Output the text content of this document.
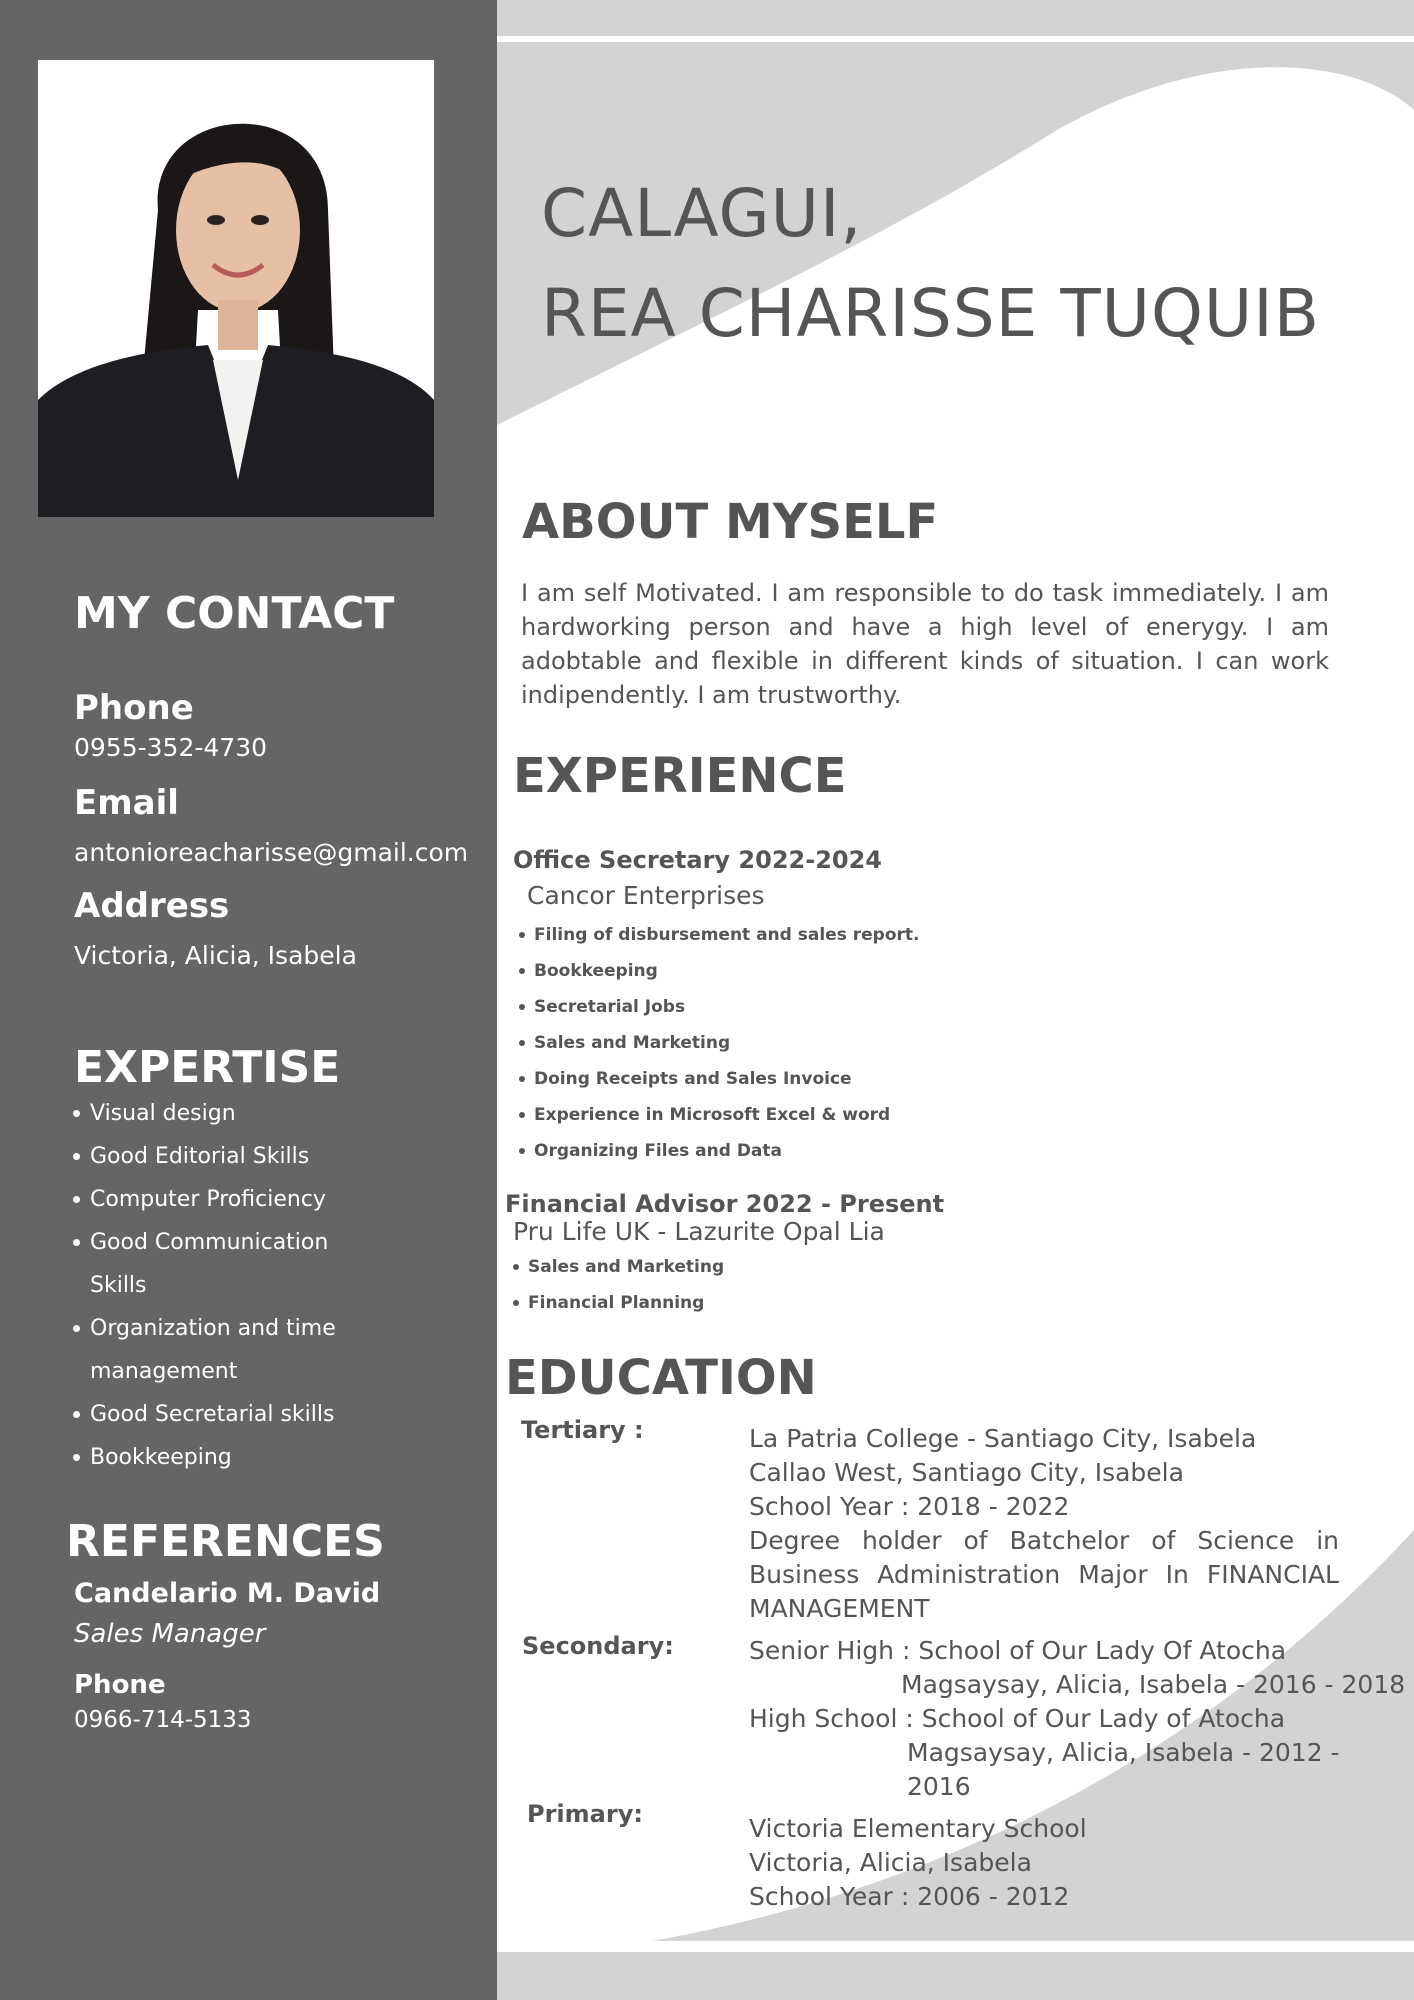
MY CONTACT
Phone
0955-352-4730
Email
antonioreacharisse@gmail.com
Address
Victoria, Alicia, Isabela
EXPERTISE
Visual design
Good Editorial Skills
Computer Proficiency
Good Communication
Skills
Organization and time
management
Good Secretarial skills
Bookkeeping
REFERENCES
Candelario M. David
Sales Manager
Phone
0966-714-5133
CALAGUI,
REA CHARISSE TUQUIB
ABOUT MYSELF
I am self Motivated. I am responsible to do task immediately. I am hardworking person and have a high level of enerygy. I am adobtable and flexible in different kinds of situation. I can work indipendently. I am trustworthy.
EXPERIENCE
Office Secretary 2022-2024
Cancor Enterprises
Filing of disbursement and sales report.
Bookkeeping
Secretarial Jobs
Sales and Marketing
Doing Receipts and Sales Invoice
Experience in Microsoft Excel & word
Organizing Files and Data
Financial Advisor 2022 - Present
Pru Life UK - Lazurite Opal Lia
Sales and Marketing
Financial Planning
EDUCATION
Tertiary :	La Patria College - Santiago City, Isabela
Callao West, Santiago City, Isabela
School Year : 2018 - 2022
Degree holder of Batchelor of Science in Business Administration Major In FINANCIAL MANAGEMENT
Secondary:	Senior High : School of Our Lady Of Atocha
Magsaysay, Alicia, Isabela - 2016 - 2018
High School : School of Our Lady of Atocha
Magsaysay, Alicia, Isabela - 2012 - 2016
Primary:	Victoria Elementary School
Victoria, Alicia, Isabela
School Year : 2006 - 2012
